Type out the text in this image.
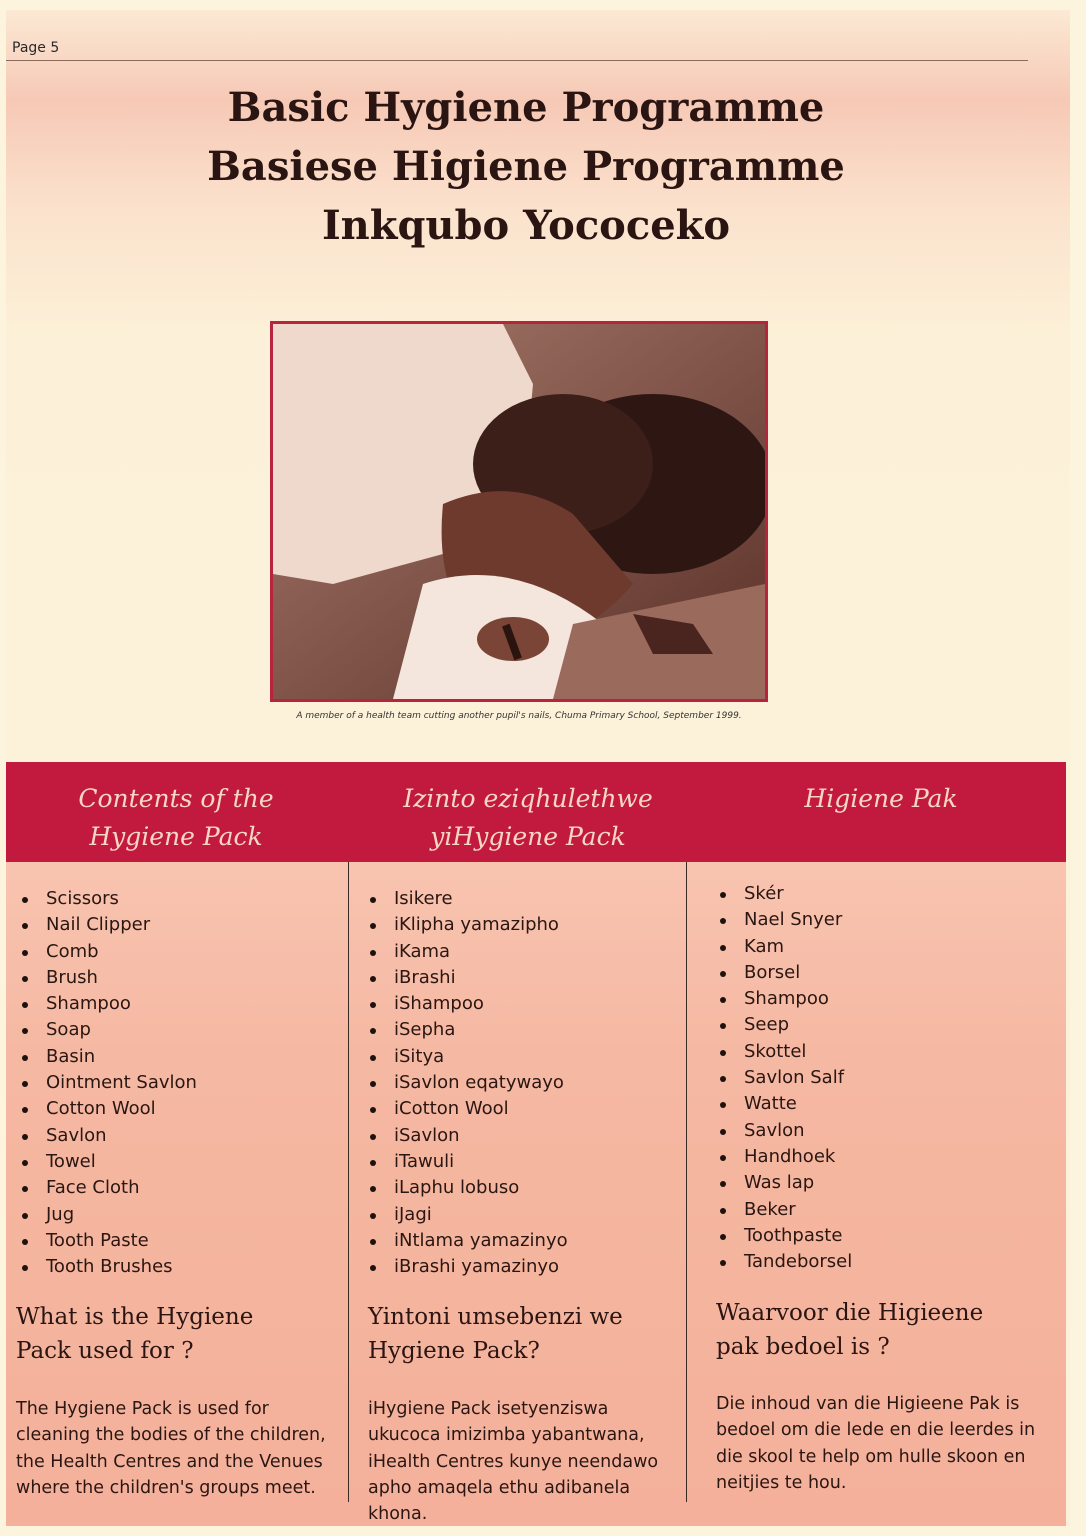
Page 5
Basic Hygiene Programme
Basiese Higiene Programme
Inkqubo Yococeko
A member of a health team cutting another pupil's nails, Chuma Primary School, September 1999.
Contents of the
Hygiene Pack
Izinto eziqhulethwe
yiHygiene Pack
Higiene Pak
Scissors
Nail Clipper
Comb
Brush
Shampoo
Soap
Basin
Ointment Savlon
Cotton Wool
Savlon
Towel
Face Cloth
Jug
Tooth Paste
Tooth Brushes
What is the Hygiene
Pack used for ?
The Hygiene Pack is used for cleaning the bodies of the children, the Health Centres and the Venues where the children's groups meet.
Isikere
iKlipha yamazipho
iKama
iBrashi
iShampoo
iSepha
iSitya
iSavlon eqatywayo
iCotton Wool
iSavlon
iTawuli
iLaphu lobuso
iJagi
iNtlama yamazinyo
iBrashi yamazinyo
Yintoni umsebenzi we
Hygiene Pack?
iHygiene Pack isetyenziswa ukucoca imizimba yabantwana, iHealth Centres kunye neendawo apho amaqela ethu adibanela khona.
Skér
Nael Snyer
Kam
Borsel
Shampoo
Seep
Skottel
Savlon Salf
Watte
Savlon
Handhoek
Was lap
Beker
Toothpaste
Tandeborsel
Waarvoor die Higieene
pak bedoel is ?
Die inhoud van die Higieene Pak is bedoel om die lede en die leerdes in die skool te help om hulle skoon en neitjies te hou.
